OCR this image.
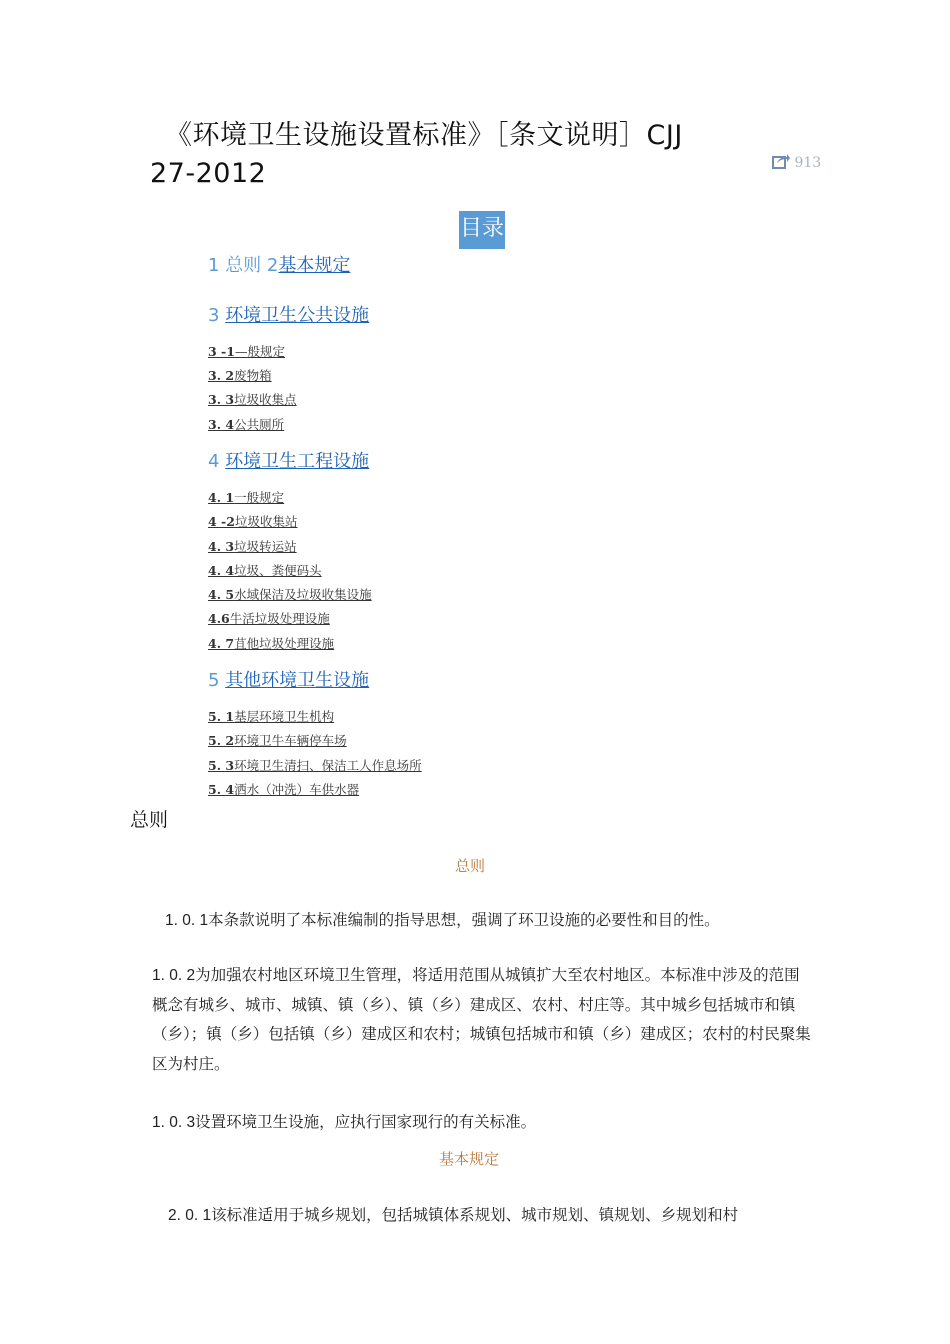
《环境卫生设施设置标准》［条文说明］CJJ
27-2012	913
目录
1 总则 2基本规定
3 环境卫生公共设施
3 -1—般规定
3. 2废物箱
3. 3垃圾收集点
3. 4公共厕所
4 环境卫生工程设施
4. 1一般规定
4 -2垃圾收集站
4. 3垃圾转运站
4. 4垃圾、粪便码头
4. 5水域保洁及垃圾收集设施
4.6牛活垃圾处理设施
4. 7苴他垃圾处理设施
5 其他环境卫生设施
5. 1基层环境卫生机构
5. 2环境卫牛车辆停车场
5. 3环境卫生清扫、保洁工人作息场所
5. 4洒水（冲洗）车供水器
总则
总则
1. 0. 1本条款说明了本标准编制的指导思想，强调了环卫设施的必要性和目的性。
1. 0. 2为加强农村地区环境卫生管理，将适用范围从城镇扩大至农村地区。本标准中涉及的范围概念有城乡、城市、城镇、镇（乡）、镇（乡）建成区、农村、村庄等。其中城乡包括城市和镇（乡）；镇（乡）包括镇（乡）建成区和农村；城镇包括城市和镇（乡）建成区；农村的村民聚集区为村庄。
1. 0. 3设置环境卫生设施，应执行国家现行的有关标准。
基本规定
2. 0. 1该标准适用于城乡规划，包括城镇体系规划、城市规划、镇规划、乡规划和村
